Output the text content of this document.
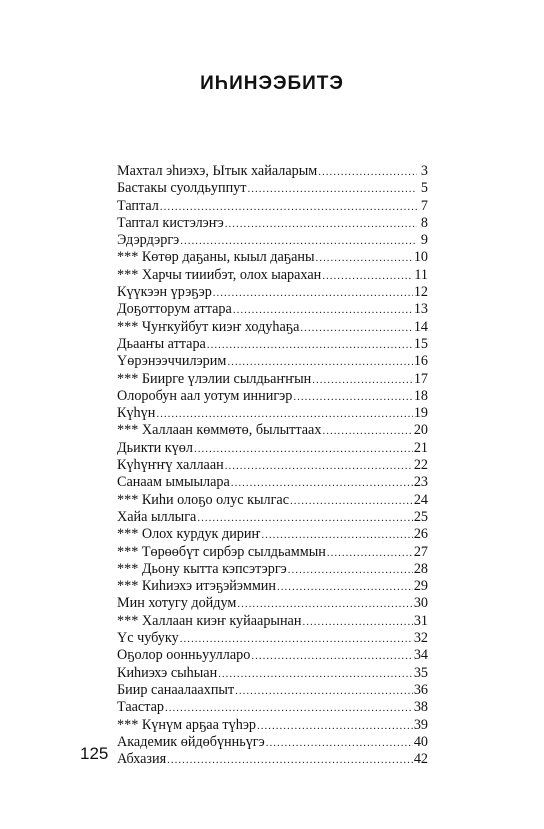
ИҺИНЭЭБИТЭ
Махтал эһиэхэ, Ытык хайаларым .....	3
Бастакы суолдьуппут .....	5
Таптал .....	7
Таптал кистэлэҥэ .....	8
Эдэрдэргэ .....	9
*** Көтөр даҕаны, кыыл даҕаны .....	10
*** Харчы тииибэт, олох ыарахан .....	11
Күүкээн үрэҕэр .....	12
Доҕотторум аттара .....	13
*** Чуҥкуйбут киэҥ ходуһаҕа .....	14
Дьааҥы аттара .....	15
Үөрэнээччилэрим .....	16
*** Биирге үлэлии сылдьаҥҥын .....	17
Олоробун аал уотум иннигэр .....	18
Күһүн .....	19
*** Халлаан көммөтө, былыттаах .....	20
Дьикти күөл .....	21
Күһүҥҥү халлаан .....	22
Санаам ымыылара .....	23
*** Киһи олоҕо олус кылгас .....	24
Хайа ыллыга .....	25
*** Олох курдук дириҥ .....	26
*** Төрөөбүт сирбэр сылдьаммын .....	27
*** Дьону кытта кэпсэтэргэ .....	28
*** Киһиэхэ итэҕэйэммин .....	29
Мин хотугу дойдум .....	30
*** Халлаан киэҥ куйаарынан .....	31
Үс чубуку .....	32
Оҕолор оонньуулларо .....	34
Киһиэхэ сыһыан .....	35
Биир санаалаахпыт .....	36
Таастар .....	38
*** Күнүм арҕаа түһэр .....	39
Академик өйдөбүнньүгэ .....	40
Абхазия .....	42
125
